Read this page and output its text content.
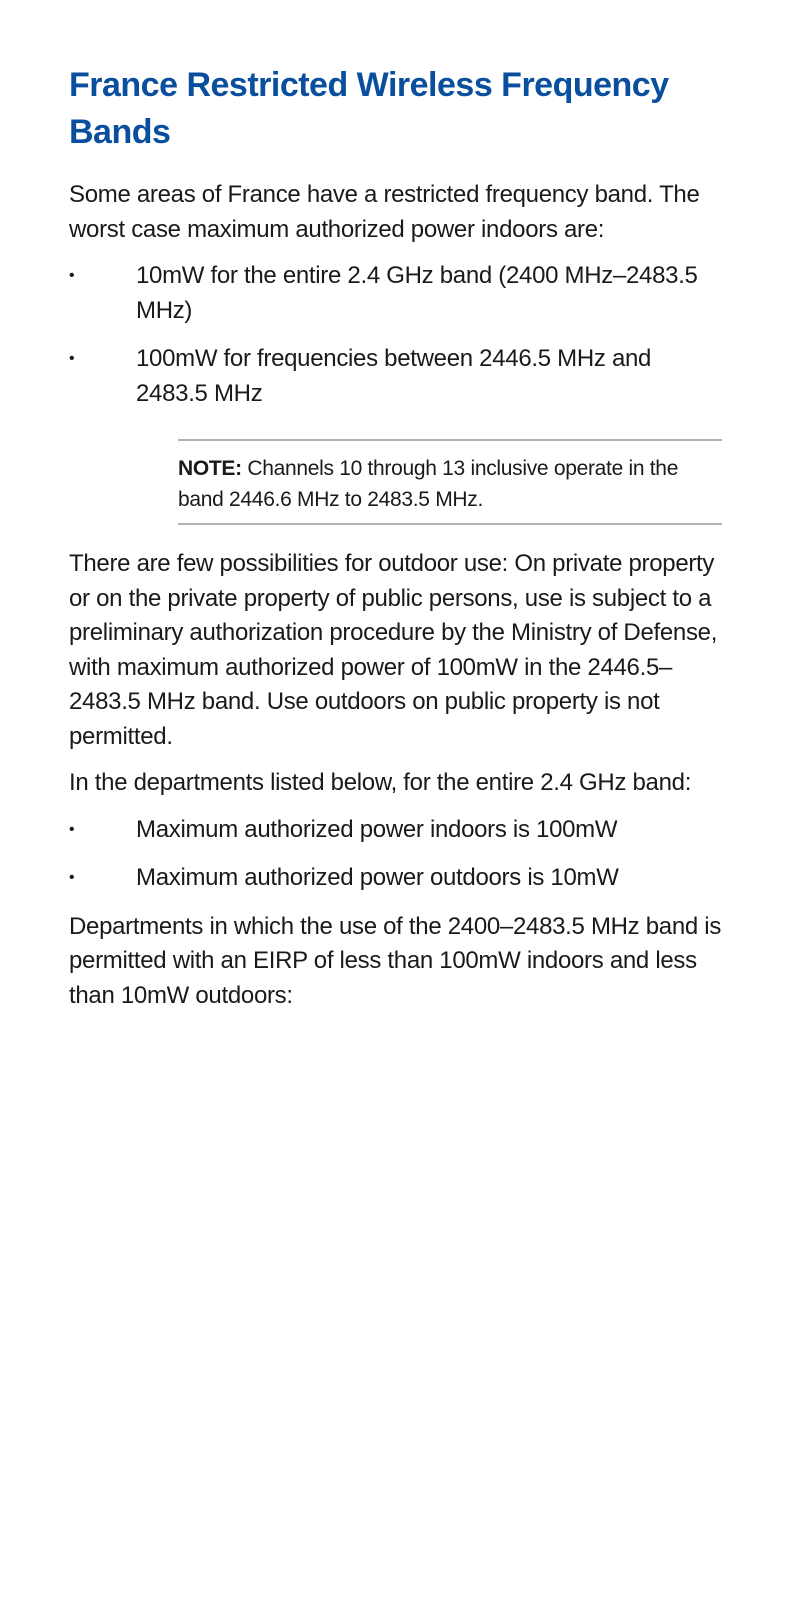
France Restricted Wireless Frequency Bands

Some areas of France have a restricted frequency band. The worst case maximum authorized power indoors are:

•	10mW for the entire 2.4 GHz band (2400 MHz–2483.5 MHz)
•	100mW for frequencies between 2446.5 MHz and 2483.5 MHz
NOTE: Channels 10 through 13 inclusive operate in the band 2446.6 MHz to 2483.5 MHz.

There are few possibilities for outdoor use: On private property or on the private property of public persons, use is subject to a preliminary authorization procedure by the Ministry of Defense, with maximum authorized power of 100mW in the 2446.5–2483.5 MHz band. Use outdoors on public property is not permitted.

In the departments listed below, for the entire 2.4 GHz band:

•	Maximum authorized power indoors is 100mW
•	Maximum authorized power outdoors is 10mW

Departments in which the use of the 2400–2483.5 MHz band is permitted with an EIRP of less than 100mW indoors and less than 10mW outdoors:
